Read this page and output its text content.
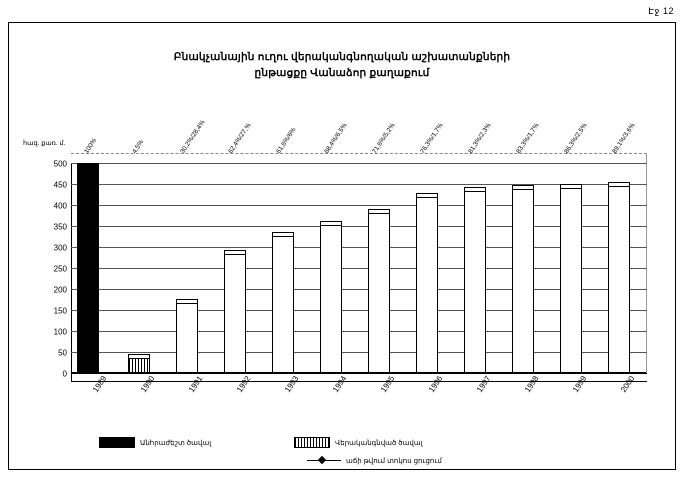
Էջ 12
Բնակչանային ուղու վերականգնողական աշխատանքների
ընթացքը Վանաձոր քաղաքում
հազ. քառ. մ.
0
50
100
150
200
250
300
350
400
450
500
100%
1989
4,5%
1990
30,2%/28,4%
1991
62,4%/27,%
1992
61,6%/6%
1993
68,4%/6,5%
1994
71,6%/5,2%
1995
76,3%/1,7%
1996
81,3%/2,3%
1997
83,3%/1,7%
1998
86,3%/2,5%
1999
89,1%/3,6%
2000
Անհրաժեշտ ծավալ	Վերականգնված ծավալ
աճի թվում տոկոս ցուցում
